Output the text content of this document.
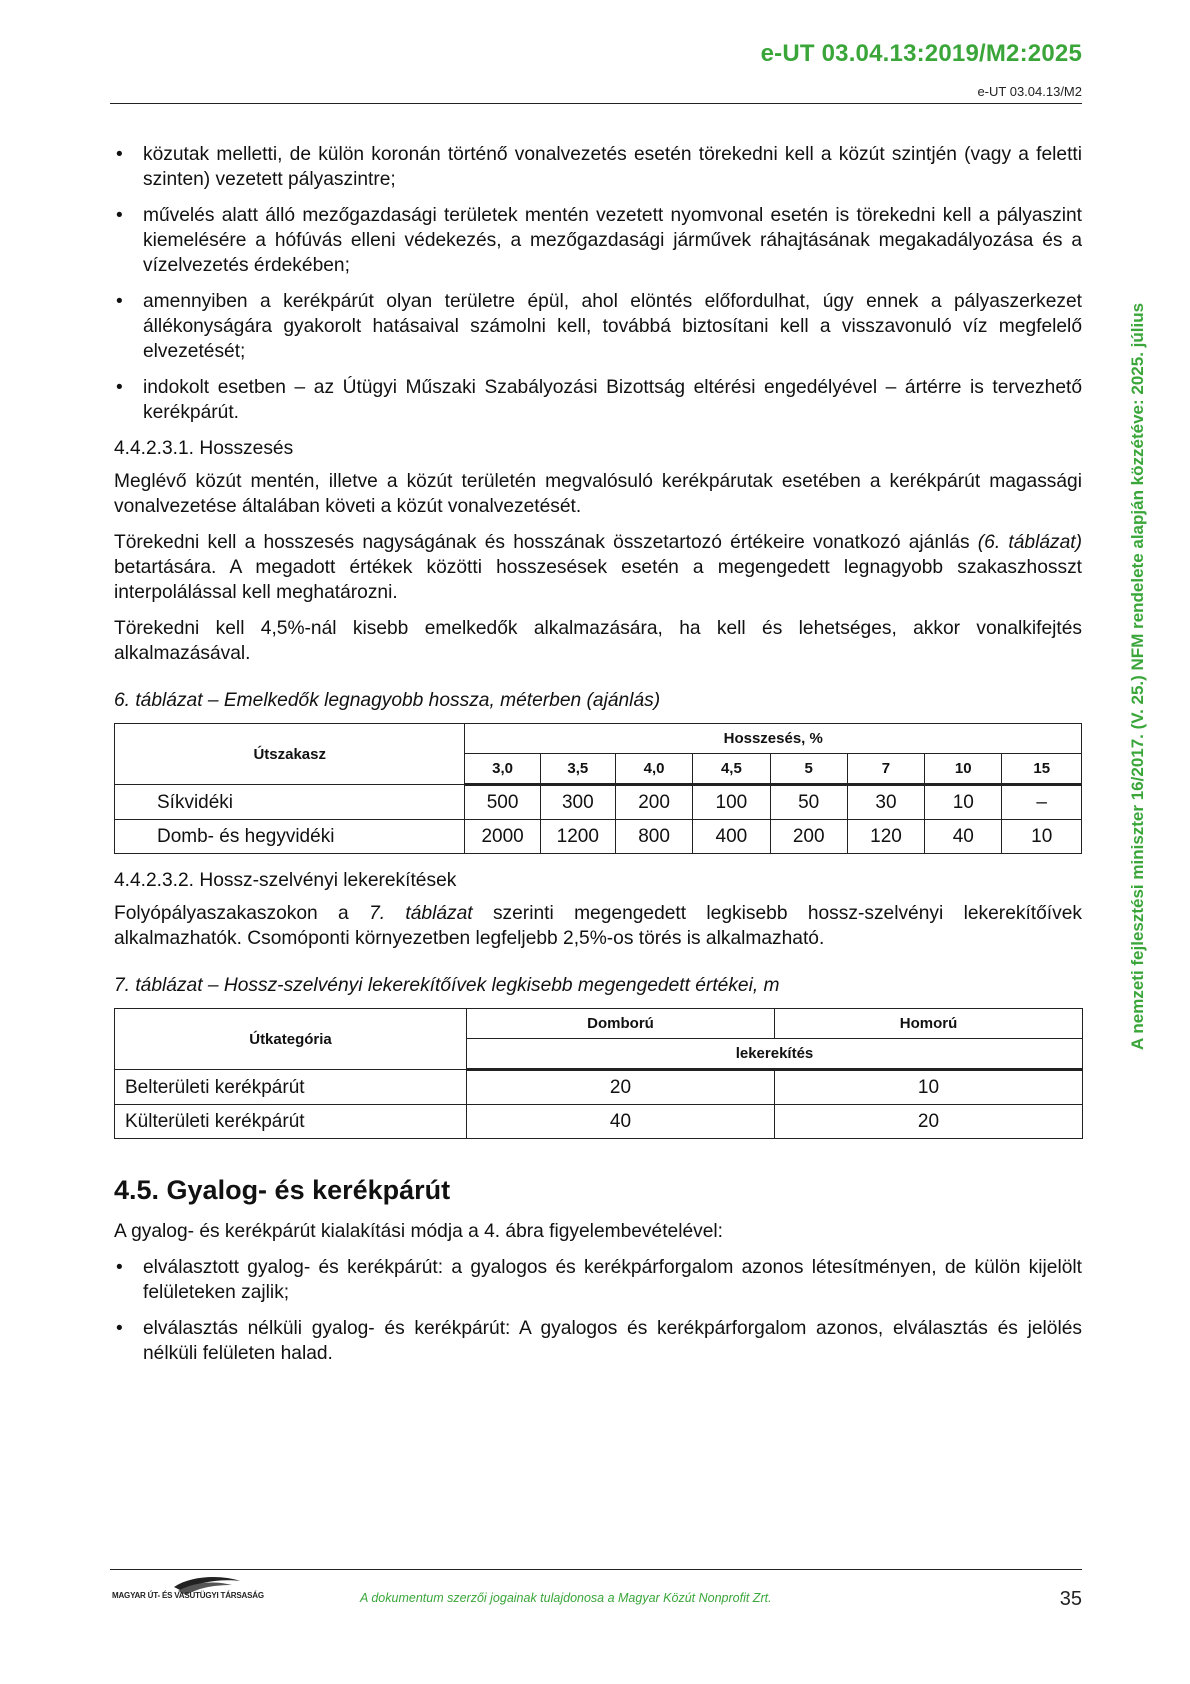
e-UT 03.04.13:2019/M2:2025
e-UT 03.04.13/M2
A nemzeti fejlesztési miniszter 16/2017. (V. 25.) NFM rendelete alapján közzétéve: 2025. július
• közutak melletti, de külön koronán történő vonalvezetés esetén törekedni kell a közút szintjén (vagy a feletti szinten) vezetett pályaszintre;
• művelés alatt álló mezőgazdasági területek mentén vezetett nyomvonal esetén is törekedni kell a pályaszint kiemelésére a hófúvás elleni védekezés, a mezőgazdasági járművek ráhajtásának megakadályozása és a vízelvezetés érdekében;
• amennyiben a kerékpárút olyan területre épül, ahol elöntés előfordulhat, úgy ennek a pályaszerkezet állékonyságára gyakorolt hatásaival számolni kell, továbbá biztosítani kell a visszavonuló víz megfelelő elvezetését;
• indokolt esetben – az Útügyi Műszaki Szabályozási Bizottság eltérési engedélyével – ártérre is tervezhető kerékpárút.
4.4.2.3.1. Hosszesés

Meglévő közút mentén, illetve a közút területén megvalósuló kerékpárutak esetében a kerékpárút magassági vonalvezetése általában követi a közút vonalvezetését.

Törekedni kell a hosszesés nagyságának és hosszának összetartozó értékeire vonatkozó ajánlás (6. táblázat) betartására. A megadott értékek közötti hosszesések esetén a megengedett legnagyobb szakaszhosszt interpolálással kell meghatározni.

Törekedni kell 4,5%-nál kisebb emelkedők alkalmazására, ha kell és lehetséges, akkor vonalkifejtés alkalmazásával.

6. táblázat – Emelkedők legnagyobb hossza, méterben (ajánlás)
Útszakasz	Hosszesés, %							
	3,0	3,5	4,0	4,5	5	7	10	15
Síkvidéki	500	300	200	100	50	30	10	–
Domb- és hegyvidéki	2000	1200	800	400	200	120	40	10
4.4.2.3.2. Hossz-szelvényi lekerekítések

Folyópályaszakaszokon a 7. táblázat szerinti megengedett legkisebb hossz-szelvényi lekerekítőívek alkalmazhatók. Csomóponti környezetben legfeljebb 2,5%-os törés is alkalmazható.

7. táblázat – Hossz-szelvényi lekerekítőívek legkisebb megengedett értékei, m
Útkategória	Domború	Homorú
	lekerekítés	
Belterületi kerékpárút	20	10
Külterületi kerékpárút	40	20
4.5. Gyalog- és kerékpárút

A gyalog- és kerékpárút kialakítási módja a 4. ábra figyelembevételével:

• elválasztott gyalog- és kerékpárút: a gyalogos és kerékpárforgalom azonos létesítményen, de külön kijelölt felületeken zajlik;
• elválasztás nélküli gyalog- és kerékpárút: A gyalogos és kerékpárforgalom azonos, elválasztás és jelölés nélküli felületen halad.
MAGYAR ÚT- ÉS VASÚTÜGYI TÁRSASÁG	A dokumentum szerzői jogainak tulajdonosa a Magyar Közút Nonprofit Zrt.	35
